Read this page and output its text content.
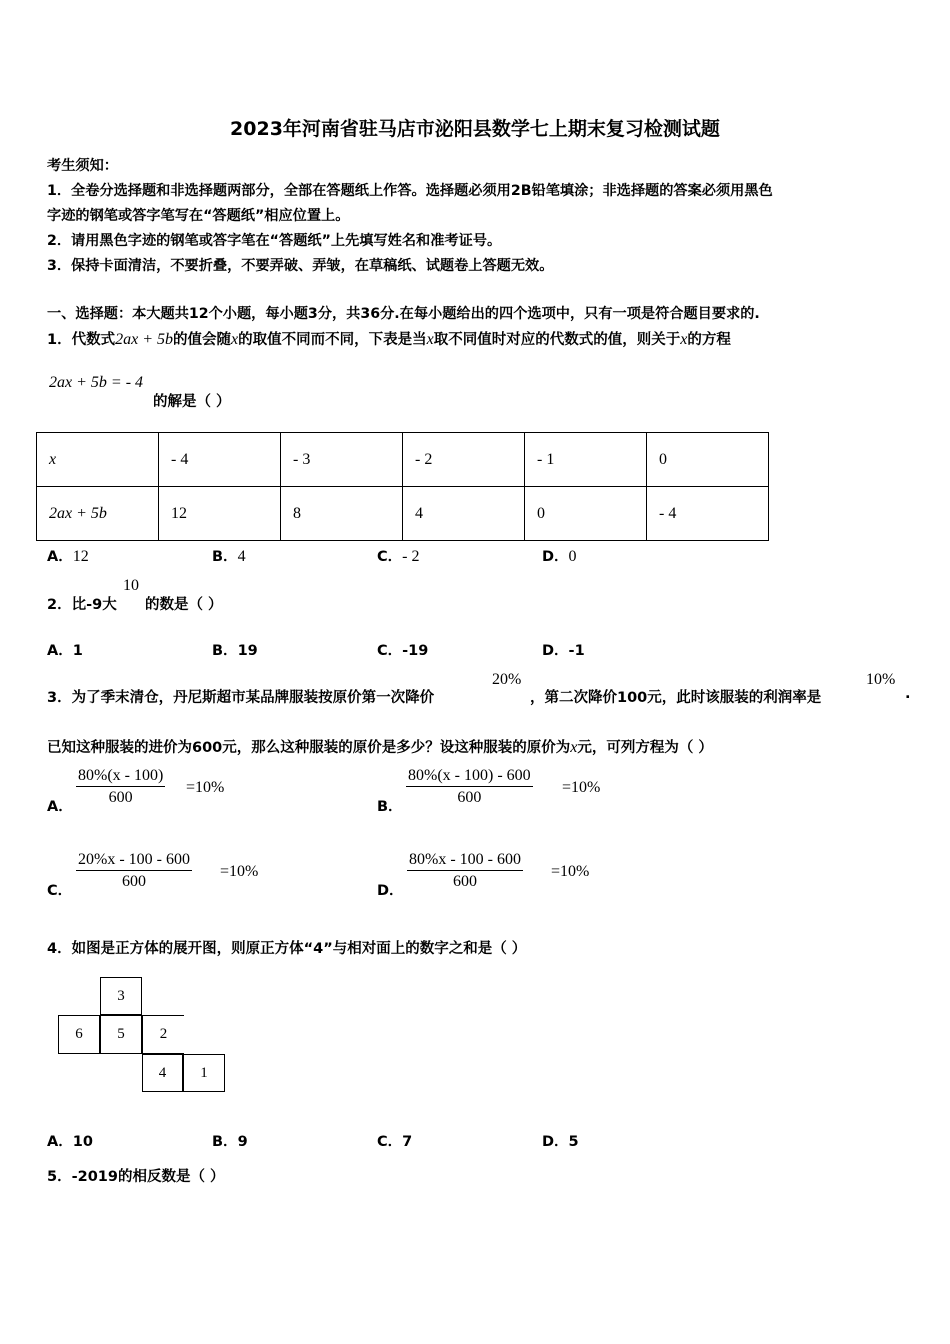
2023年河南省驻马店市泌阳县数学七上期末复习检测试题
考生须知：
1．全卷分选择题和非选择题两部分，全部在答题纸上作答。选择题必须用2B铅笔填涂；非选择题的答案必须用黑色
字迹的钢笔或答字笔写在“答题纸”相应位置上。
2．请用黑色字迹的钢笔或答字笔在“答题纸”上先填写姓名和准考证号。
3．保持卡面清洁，不要折叠，不要弄破、弄皱，在草稿纸、试题卷上答题无效。
一、选择题：本大题共12个小题，每小题3分，共36分.在每小题给出的四个选项中，只有一项是符合题目要求的.
1．代数式2ax + 5b的值会随x的取值不同而不同，下表是当x取不同值时对应的代数式的值，则关于x的方程
2ax + 5b = - 4
的解是（ ）
x	- 4	- 3	- 2	- 1	0
2ax + 5b	12	8	4	0	- 4
A．12	B．4	C．- 2	D．0
2．比-9大
10
的数是（ ）
A．1	B．19	C．-19	D．-1
3．为了季末清仓，丹尼斯超市某品牌服装按原价第一次降价
20%
，第二次降价100元，此时该服装的利润率是
10%
.
已知这种服装的进价为600元，那么这种服装的原价是多少？设这种服装的原价为x元，可列方程为（ ）
A． $\frac{80\%(x - 100)}{600} =10\%$
B． $\frac{80\%(x - 100) - 600}{600} =10\%$
C． $\frac{20\%x - 100 - 600}{600} =10\%$
D． $\frac{80\%x - 100 - 600}{600} =10\%$
4．如图是正方体的展开图，则原正方体“4”与相对面上的数字之和是（ ）
3
6	5	2
4	1
A．10	B．9	C．7	D．5
5．-2019的相反数是（ ）
